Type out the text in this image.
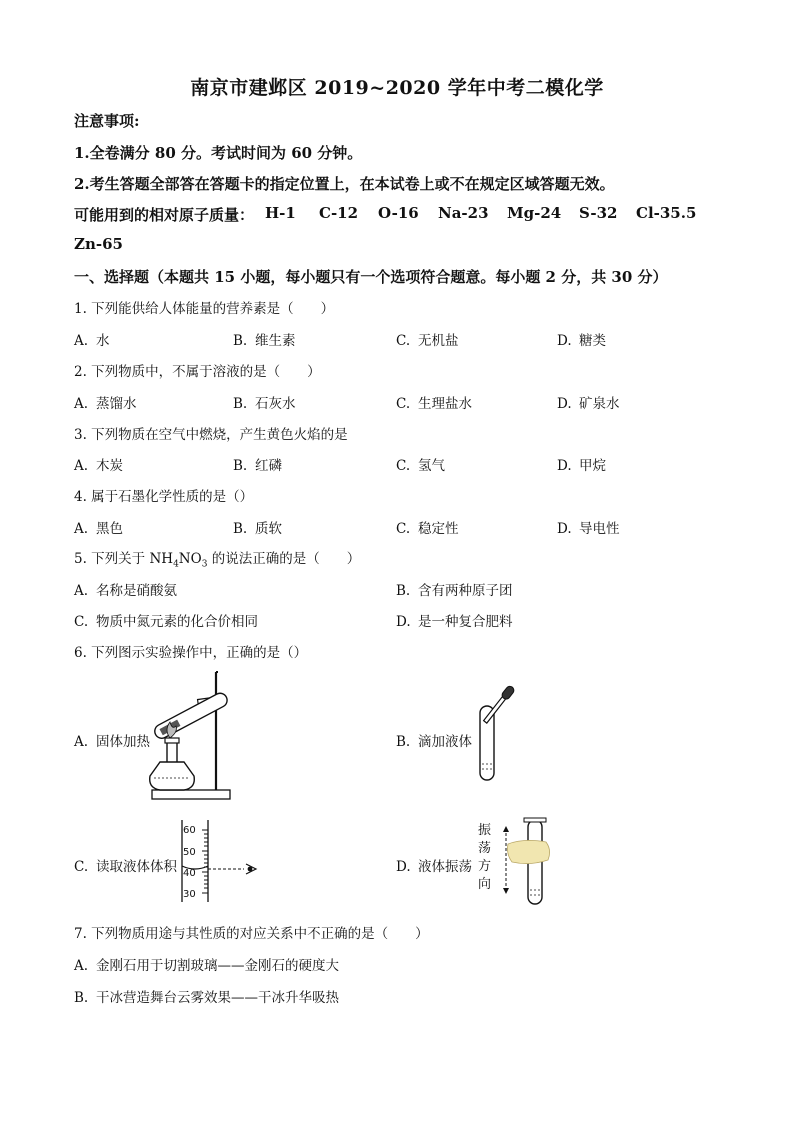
南京市建邺区 2019~2020 学年中考二模化学
注意事项:
1.全卷满分 80 分。考试时间为 60 分钟。
2.考生答题全部答在答题卡的指定位置上，在本试卷上或不在规定区域答题无效。
可能用到的相对原子质量： H-1 C-12 O-16 Na-23 Mg-24 S-32 Cl-35.5
Zn-65
一、选择题（本题共 15 小题，每小题只有一个选项符合题意。每小题 2 分，共 30 分）
1. 下列能供给人体能量的营养素是（　　）
A. 水	B. 维生素	C. 无机盐	D. 糖类
2. 下列物质中，不属于溶液的是（　　）
A. 蒸馏水	B. 石灰水	C. 生理盐水	D. 矿泉水
3. 下列物质在空气中燃烧，产生黄色火焰的是
A. 木炭	B. 红磷	C. 氢气	D. 甲烷
4. 属于石墨化学性质的是（）
A. 黑色	B. 质软	C. 稳定性	D. 导电性
5. 下列关于 $NH_4NO_3$ 的说法正确的是（　　）
A. 名称是硝酸氨	B. 含有两种原子团
C. 物质中氮元素的化合价相同	D. 是一种复合肥料
6. 下列图示实验操作中，正确的是（）
A. 固体加热	B. 滴加液体
C. 读取液体体积
60
50
40
30
D. 液体振荡
振
荡
方
向
7. 下列物质用途与其性质的对应关系中不正确的是（　　）
A. 金刚石用于切割玻璃——金刚石的硬度大
B. 干冰营造舞台云雾效果——干冰升华吸热
